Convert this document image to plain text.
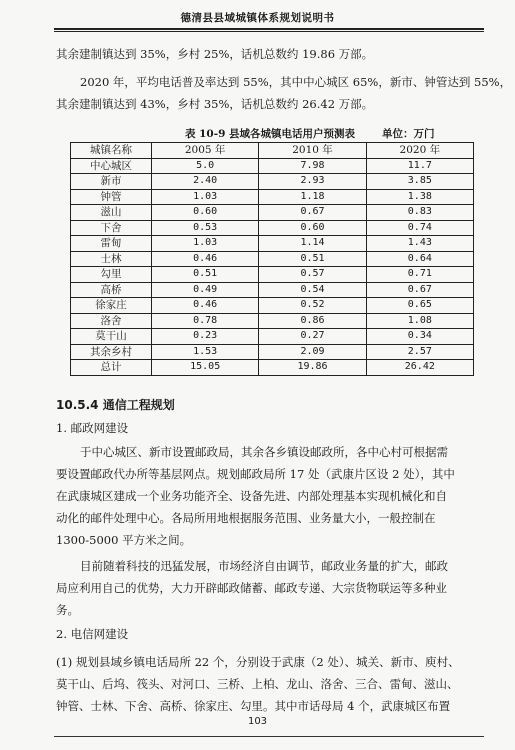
德清县县域城镇体系规划说明书
其余建制镇达到 35%，乡村 25%，话机总数约 19.86 万部。
2020 年，平均电话普及率达到 55%，其中中心城区 65%，新市、钟管达到 55%，
其余建制镇达到 43%，乡村 35%，话机总数约 26.42 万部。
表 10-9 县域各城镇电话用户预测表	单位：万门
城镇名称	2005 年	2010 年	2020 年
中心城区	5.0	7.98	11.7
新市	2.40	2.93	3.85
钟管	1.03	1.18	1.38
滋山	0.60	0.67	0.83
下舍	0.53	0.60	0.74
雷甸	1.03	1.14	1.43
士林	0.46	0.51	0.64
勾里	0.51	0.57	0.71
高桥	0.49	0.54	0.67
徐家庄	0.46	0.52	0.65
洛舍	0.78	0.86	1.08
莫干山	0.23	0.27	0.34
其余乡村	1.53	2.09	2.57
总计	15.05	19.86	26.42
10.5.4 通信工程规划
1. 邮政网建设
于中心城区、新市设置邮政局，其余各乡镇设邮政所，各中心村可根据需
要设置邮政代办所等基层网点。规划邮政局所 17 处（武康片区设 2 处），其中
在武康城区建成一个业务功能齐全、设备先进、内部处理基本实现机械化和自
动化的邮件处理中心。各局所用地根据服务范围、业务量大小，一般控制在
1300-5000 平方米之间。
目前随着科技的迅猛发展，市场经济自由调节，邮政业务量的扩大，邮政
局应利用自己的优势，大力开辟邮政储蓄、邮政专递、大宗货物联运等多种业
务。
2. 电信网建设
(1) 规划县域乡镇电话局所 22 个，分别设于武康（2 处）、城关、新市、庾村、
莫干山、后坞、筏头、对河口、三桥、上柏、龙山、洛舍、三合、雷甸、滋山、
钟管、士林、下舍、高桥、徐家庄、勾里。其中市话母局 4 个，武康城区布置
103
